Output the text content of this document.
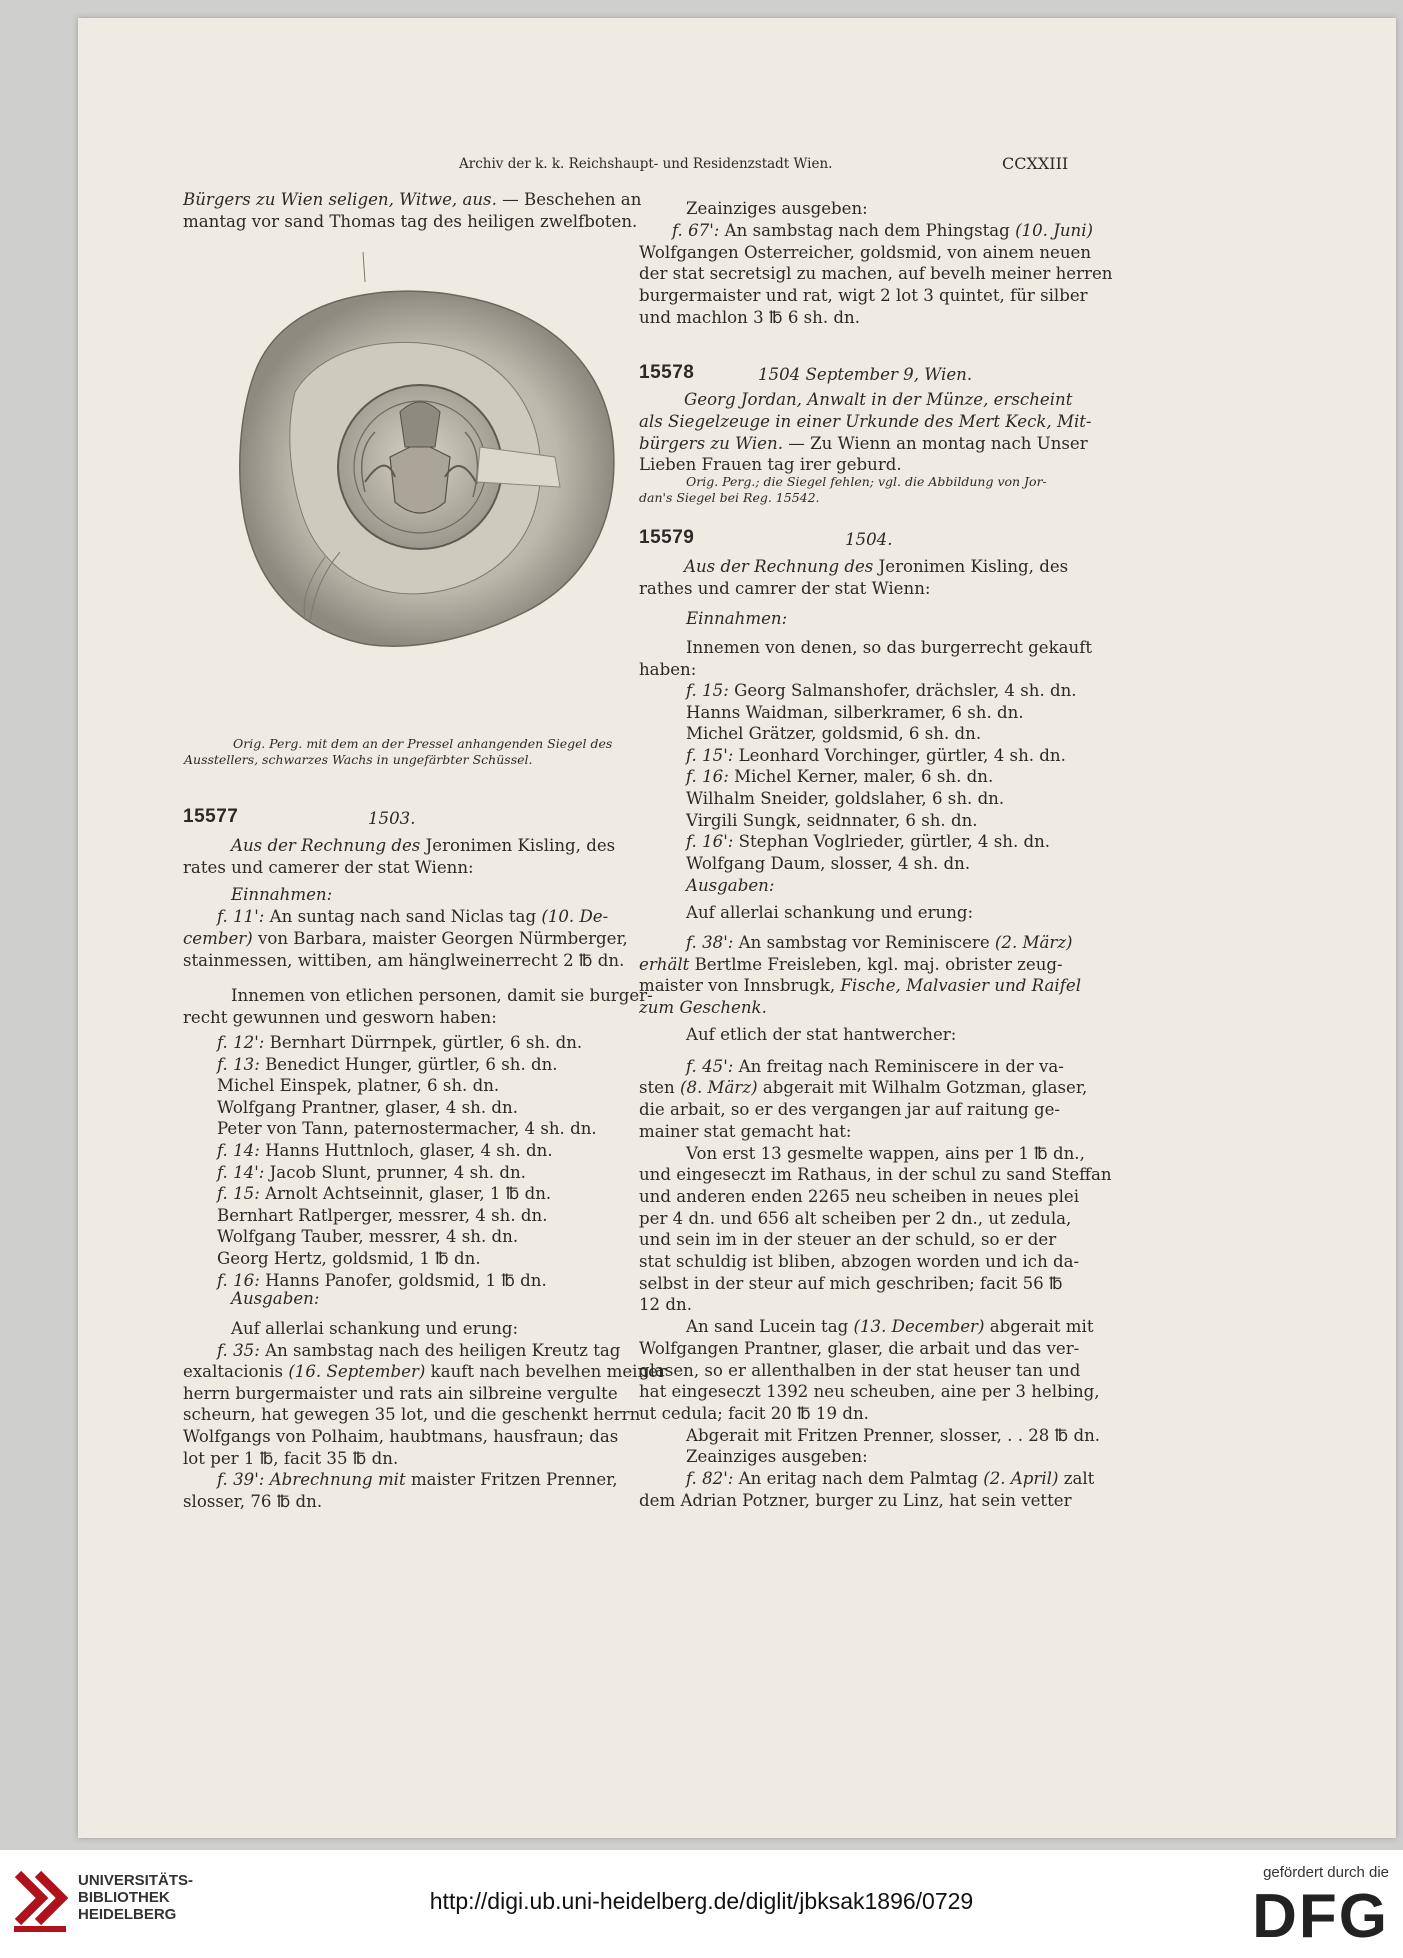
Archiv der k. k. Reichshaupt- und Residenzstadt Wien.	CCXXIII
Bürgers zu Wien seligen, Witwe, aus. — Beschehen an
mantag vor sand Thomas tag des heiligen zwelfboten.
Orig. Perg. mit dem an der Pressel anhangenden Siegel des
Ausstellers, schwarzes Wachs in ungefärbter Schüssel.
15577	1503.
Aus der Rechnung des Jeronimen Kisling, des
rates und camerer der stat Wienn:
Einnahmen:
f. 11': An suntag nach sand Niclas tag (10. De-
cember) von Barbara, maister Georgen Nürmberger,
stainmessen, wittiben, am hänglweinerrecht 2 ℔ dn.
Innemen von etlichen personen, damit sie burger-
recht gewunnen und gesworn haben:
f. 12': Bernhart Dürrnpek, gürtler, 6 sh. dn.
f. 13: Benedict Hunger, gürtler, 6 sh. dn.
Michel Einspek, platner, 6 sh. dn.
Wolfgang Prantner, glaser, 4 sh. dn.
Peter von Tann, paternostermacher, 4 sh. dn.
f. 14: Hanns Huttnloch, glaser, 4 sh. dn.
f. 14': Jacob Slunt, prunner, 4 sh. dn.
f. 15: Arnolt Achtseinnit, glaser, 1 ℔ dn.
Bernhart Ratlperger, messrer, 4 sh. dn.
Wolfgang Tauber, messrer, 4 sh. dn.
Georg Hertz, goldsmid, 1 ℔ dn.
f. 16: Hanns Panofer, goldsmid, 1 ℔ dn.
Ausgaben:
Auf allerlai schankung und erung:
f. 35: An sambstag nach des heiligen Kreutz tag
exaltacionis (16. September) kauft nach bevelhen meiner
herrn burgermaister und rats ain silbreine vergulte
scheurn, hat gewegen 35 lot, und die geschenkt herrn
Wolfgangs von Polhaim, haubtmans, hausfraun; das
lot per 1 ℔, facit 35 ℔ dn.
f. 39': Abrechnung mit maister Fritzen Prenner,
slosser, 76 ℔ dn.
Zeainziges ausgeben:
f. 67': An sambstag nach dem Phingstag (10. Juni)
Wolfgangen Osterreicher, goldsmid, von ainem neuen
der stat secretsigl zu machen, auf bevelh meiner herren
burgermaister und rat, wigt 2 lot 3 quintet, für silber
und machlon 3 ℔ 6 sh. dn.
15578	1504 September 9, Wien.
Georg Jordan, Anwalt in der Münze, erscheint
als Siegelzeuge in einer Urkunde des Mert Keck, Mit-
bürgers zu Wien. — Zu Wienn an montag nach Unser
Lieben Frauen tag irer geburd.
Orig. Perg.; die Siegel fehlen; vgl. die Abbildung von Jor-
dan's Siegel bei Reg. 15542.
15579	1504.
Aus der Rechnung des Jeronimen Kisling, des
rathes und camrer der stat Wienn:
Einnahmen:
Innemen von denen, so das burgerrecht gekauft
haben:
f. 15: Georg Salmanshofer, drächsler, 4 sh. dn.
Hanns Waidman, silberkramer, 6 sh. dn.
Michel Grätzer, goldsmid, 6 sh. dn.
f. 15': Leonhard Vorchinger, gürtler, 4 sh. dn.
f. 16: Michel Kerner, maler, 6 sh. dn.
Wilhalm Sneider, goldslaher, 6 sh. dn.
Virgili Sungk, seidnnater, 6 sh. dn.
f. 16': Stephan Voglrieder, gürtler, 4 sh. dn.
Wolfgang Daum, slosser, 4 sh. dn.
Ausgaben:
Auf allerlai schankung und erung:
f. 38': An sambstag vor Reminiscere (2. März)
erhält Bertlme Freisleben, kgl. maj. obrister zeug-
maister von Innsbrugk, Fische, Malvasier und Raifel
zum Geschenk.
Auf etlich der stat hantwercher:
f. 45': An freitag nach Reminiscere in der va-
sten (8. März) abgerait mit Wilhalm Gotzman, glaser,
die arbait, so er des vergangen jar auf raitung ge-
mainer stat gemacht hat:
Von erst 13 gesmelte wappen, ains per 1 ℔ dn.,
und eingeseczt im Rathaus, in der schul zu sand Steffan
und anderen enden 2265 neu scheiben in neues plei
per 4 dn. und 656 alt scheiben per 2 dn., ut zedula,
und sein im in der steuer an der schuld, so er der
stat schuldig ist bliben, abzogen worden und ich da-
selbst in der steur auf mich geschriben; facit 56 ℔
12 dn.
An sand Lucein tag (13. December) abgerait mit
Wolfgangen Prantner, glaser, die arbait und das ver-
glasen, so er allenthalben in der stat heuser tan und
hat eingeseczt 1392 neu scheuben, aine per 3 helbing,
ut cedula; facit 20 ℔ 19 dn.
Abgerait mit Fritzen Prenner, slosser, . . 28 ℔ dn.
Zeainziges ausgeben:
f. 82': An eritag nach dem Palmtag (2. April) zalt
dem Adrian Potzner, burger zu Linz, hat sein vetter
UNIVERSITÄTS-
BIBLIOTHEK
HEIDELBERG
http://digi.ub.uni-heidelberg.de/diglit/jbksak1896/0729
gefördert durch die
DFG
